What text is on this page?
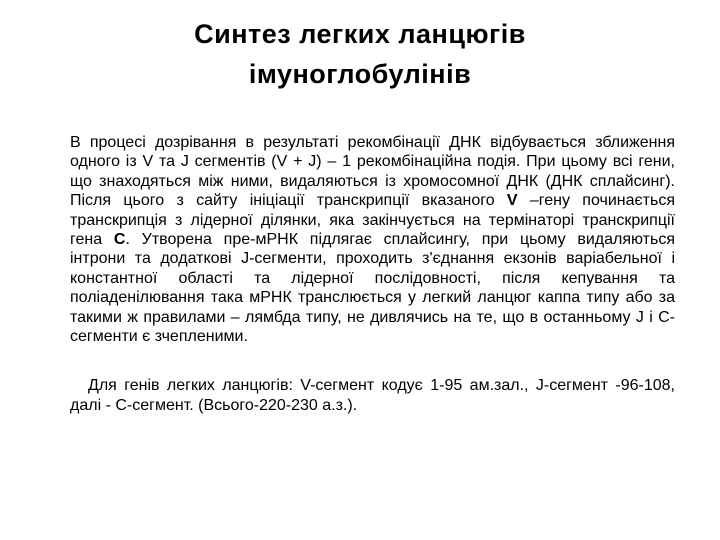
Синтез легких ланцюгів
імуноглобулінів

В процесі дозрівання в результаті рекомбінації ДНК відбувається зближення одного із V та J сегментів (V + J) – 1 рекомбінаційна подія. При цьому всі гени, що знаходяться між ними, видаляються із хромосомної ДНК (ДНК сплайсинг). Після цього з сайту ініціації транскрипції вказаного V –гену починається транскрипція з лідерної ділянки, яка закінчується на термінаторі транскрипції гена С. Утворена пре-мРНК підлягає сплайсингу, при цьому видаляються інтрони та додаткові J-сегменти, проходить з'єднання екзонів варіабельної і константної області та лідерної послідовності, після кепування та поліаденілювання така мРНК транслюється у легкий ланцюг каппа типу або за такими ж правилами – лямбда типу, не дивлячись на те, що в останньому J і С- сегменти є зчепленими.

Для генів легких ланцюгів: V-сегмент кодує 1-95 ам.зал., J-сегмент -96-108, далі - С-сегмент. (Всього-220-230 а.з.).
